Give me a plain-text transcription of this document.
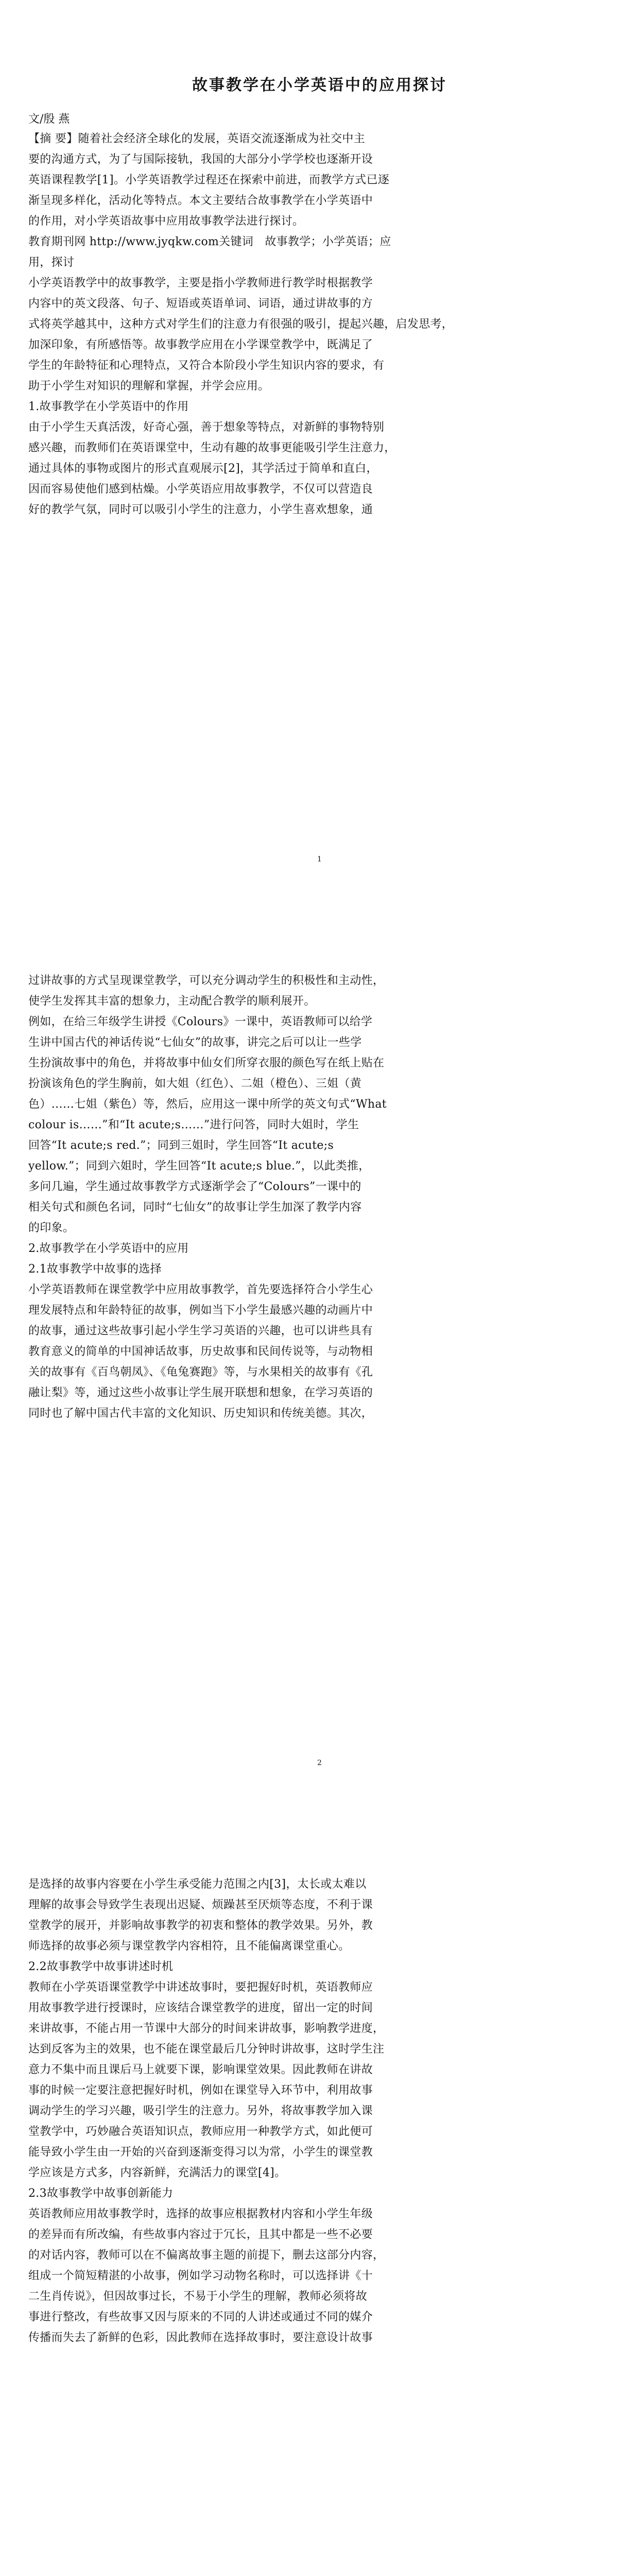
故事教学在小学英语中的应用探讨

文/殷 燕

【摘 要】随着社会经济全球化的发展，英语交流逐渐成为社交中主

要的沟通方式，为了与国际接轨，我国的大部分小学学校也逐渐开设

英语课程教学[1]。小学英语教学过程还在探索中前进，而教学方式已逐

渐呈现多样化，活动化等特点。本文主要结合故事教学在小学英语中

的作用，对小学英语故事中应用故事教学法进行探讨。

教育期刊网 http://www.jyqkw.com关键词　故事教学；小学英语；应

用，探讨

小学英语教学中的故事教学，主要是指小学教师进行教学时根据教学

内容中的英文段落、句子、短语或英语单词、词语，通过讲故事的方

式将英学越其中，这种方式对学生们的注意力有很强的吸引，提起兴趣，启发思考，

加深印象，有所感悟等。故事教学应用在小学课堂教学中，既满足了

学生的年龄特征和心理特点，又符合本阶段小学生知识内容的要求，有

助于小学生对知识的理解和掌握，并学会应用。

1.故事教学在小学英语中的作用

由于小学生天真活泼，好奇心强，善于想象等特点，对新鲜的事物特别

感兴趣，而教师们在英语课堂中，生动有趣的故事更能吸引学生注意力，

通过具体的事物或图片的形式直观展示[2]，其学活过于简单和直白，

因而容易使他们感到枯燥。小学英语应用故事教学，不仅可以营造良

好的教学气氛，同时可以吸引小学生的注意力，小学生喜欢想象，通

1

过讲故事的方式呈现课堂教学，可以充分调动学生的积极性和主动性，

使学生发挥其丰富的想象力，主动配合教学的顺利展开。

例如，在给三年级学生讲授《Colours》一课中，英语教师可以给学

生讲中国古代的神话传说“七仙女”的故事，讲完之后可以让一些学

生扮演故事中的角色，并将故事中仙女们所穿衣服的颜色写在纸上贴在

扮演该角色的学生胸前，如大姐（红色）、二姐（橙色）、三姐（黄

色）……七姐（紫色）等，然后，应用这一课中所学的英文句式“What

colour is……”和“It acute;s……”进行问答，同时大姐时，学生

回答“It acute;s red.”；同到三姐时，学生回答“It acute;s

yellow.”；同到六姐时，学生回答“It acute;s blue.”，以此类推，

多问几遍，学生通过故事教学方式逐渐学会了“Colours”一课中的

相关句式和颜色名词，同时“七仙女”的故事让学生加深了教学内容

的印象。

2.故事教学在小学英语中的应用

2.1故事教学中故事的选择

小学英语教师在课堂教学中应用故事教学，首先要选择符合小学生心

理发展特点和年龄特征的故事，例如当下小学生最感兴趣的动画片中

的故事，通过这些故事引起小学生学习英语的兴趣，也可以讲些具有

教育意义的简单的中国神话故事，历史故事和民间传说等，与动物相

关的故事有《百鸟朝凤》、《龟兔赛跑》等，与水果相关的故事有《孔

融让梨》等，通过这些小故事让学生展开联想和想象，在学习英语的

同时也了解中国古代丰富的文化知识、历史知识和传统美德。其次，

2

是选择的故事内容要在小学生承受能力范围之内[3]，太长或太难以

理解的故事会导致学生表现出迟疑、烦躁甚至厌烦等态度，不利于课

堂教学的展开，并影响故事教学的初衷和整体的教学效果。另外，教

师选择的故事必须与课堂教学内容相符，且不能偏离课堂重心。

2.2故事教学中故事讲述时机

教师在小学英语课堂教学中讲述故事时，要把握好时机，英语教师应

用故事教学进行授课时，应该结合课堂教学的进度，留出一定的时间

来讲故事，不能占用一节课中大部分的时间来讲故事，影响教学进度，

达到反客为主的效果，也不能在课堂最后几分钟时讲故事，这时学生注

意力不集中而且课后马上就要下课，影响课堂效果。因此教师在讲故

事的时候一定要注意把握好时机，例如在课堂导入环节中，利用故事

调动学生的学习兴趣，吸引学生的注意力。另外，将故事教学加入课

堂教学中，巧妙融合英语知识点，教师应用一种教学方式，如此便可

能导致小学生由一开始的兴奋到逐渐变得习以为常，小学生的课堂教

学应该是方式多，内容新鲜，充满活力的课堂[4]。

2.3故事教学中故事创新能力

英语教师应用故事教学时，选择的故事应根据教材内容和小学生年级

的差异而有所改编，有些故事内容过于冗长，且其中都是一些不必要

的对话内容，教师可以在不偏离故事主题的前提下，删去这部分内容，

组成一个简短精湛的小故事，例如学习动物名称时，可以选择讲《十

二生肖传说》，但因故事过长，不易于小学生的理解，教师必须将故

事进行整改，有些故事又因与原来的不同的人讲述或通过不同的媒介

传播而失去了新鲜的色彩，因此教师在选择故事时，要注意设计故事
